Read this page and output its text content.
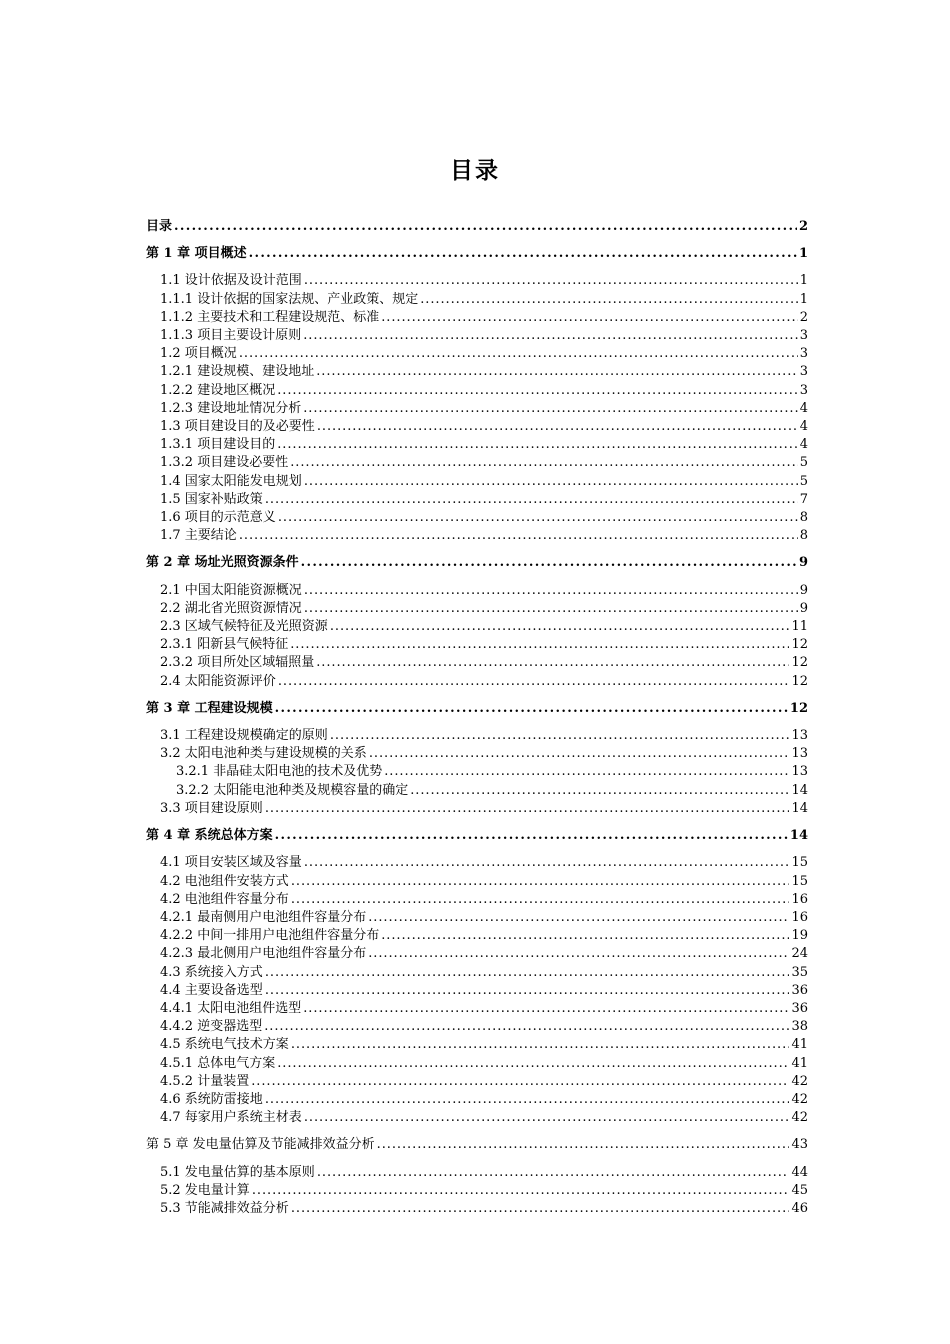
目录
目录 . . .	2
第 1 章 项目概述 . . .	1
1.1 设计依据及设计范围 . . .	1
1.1.1 设计依据的国家法规、产业政策、规定 . . .	1
1.1.2 主要技术和工程建设规范、标准 . . .	2
1.1.3 项目主要设计原则 . . .	3
1.2 项目概况 . . .	3
1.2.1 建设规模、建设地址 . . .	3
1.2.2 建设地区概况 . . .	3
1.2.3 建设地址情况分析 . . .	4
1.3 项目建设目的及必要性 . . .	4
1.3.1 项目建设目的 . . .	4
1.3.2 项目建设必要性 . . .	5
1.4 国家太阳能发电规划 . . .	5
1.5 国家补贴政策 . . .	7
1.6 项目的示范意义 . . .	8
1.7 主要结论 . . .	8
第 2 章 场址光照资源条件 . . .	9
2.1 中国太阳能资源概况 . . .	9
2.2 湖北省光照资源情况 . . .	9
2.3 区域气候特征及光照资源 . . .	11
2.3.1 阳新县气候特征 . . .	12
2.3.2 项目所处区域辐照量 . . .	12
2.4 太阳能资源评价 . . .	12
第 3 章 工程建设规模 . . .	12
3.1 工程建设规模确定的原则 . . .	13
3.2 太阳电池种类与建设规模的关系 . . .	13
3.2.1 非晶硅太阳电池的技术及优势 . . .	13
3.2.2 太阳能电池种类及规模容量的确定 . . .	14
3.3 项目建设原则 . . .	14
第 4 章 系统总体方案 . . .	14
4.1 项目安装区域及容量 . . .	15
4.2 电池组件安装方式 . . .	15
4.2 电池组件容量分布 . . .	16
4.2.1 最南侧用户电池组件容量分布 . . .	16
4.2.2 中间一排用户电池组件容量分布 . . .	19
4.2.3 最北侧用户电池组件容量分布 . . .	24
4.3 系统接入方式 . . .	35
4.4 主要设备选型 . . .	36
4.4.1 太阳电池组件选型 . . .	36
4.4.2 逆变器选型 . . .	38
4.5 系统电气技术方案 . . .	41
4.5.1 总体电气方案 . . .	41
4.5.2 计量装置 . . .	42
4.6 系统防雷接地 . . .	42
4.7 每家用户系统主材表 . . .	42
第 5 章 发电量估算及节能减排效益分析 . . .	43
5.1 发电量估算的基本原则 . . .	44
5.2 发电量计算 . . .	45
5.3 节能减排效益分析 . . .	46
